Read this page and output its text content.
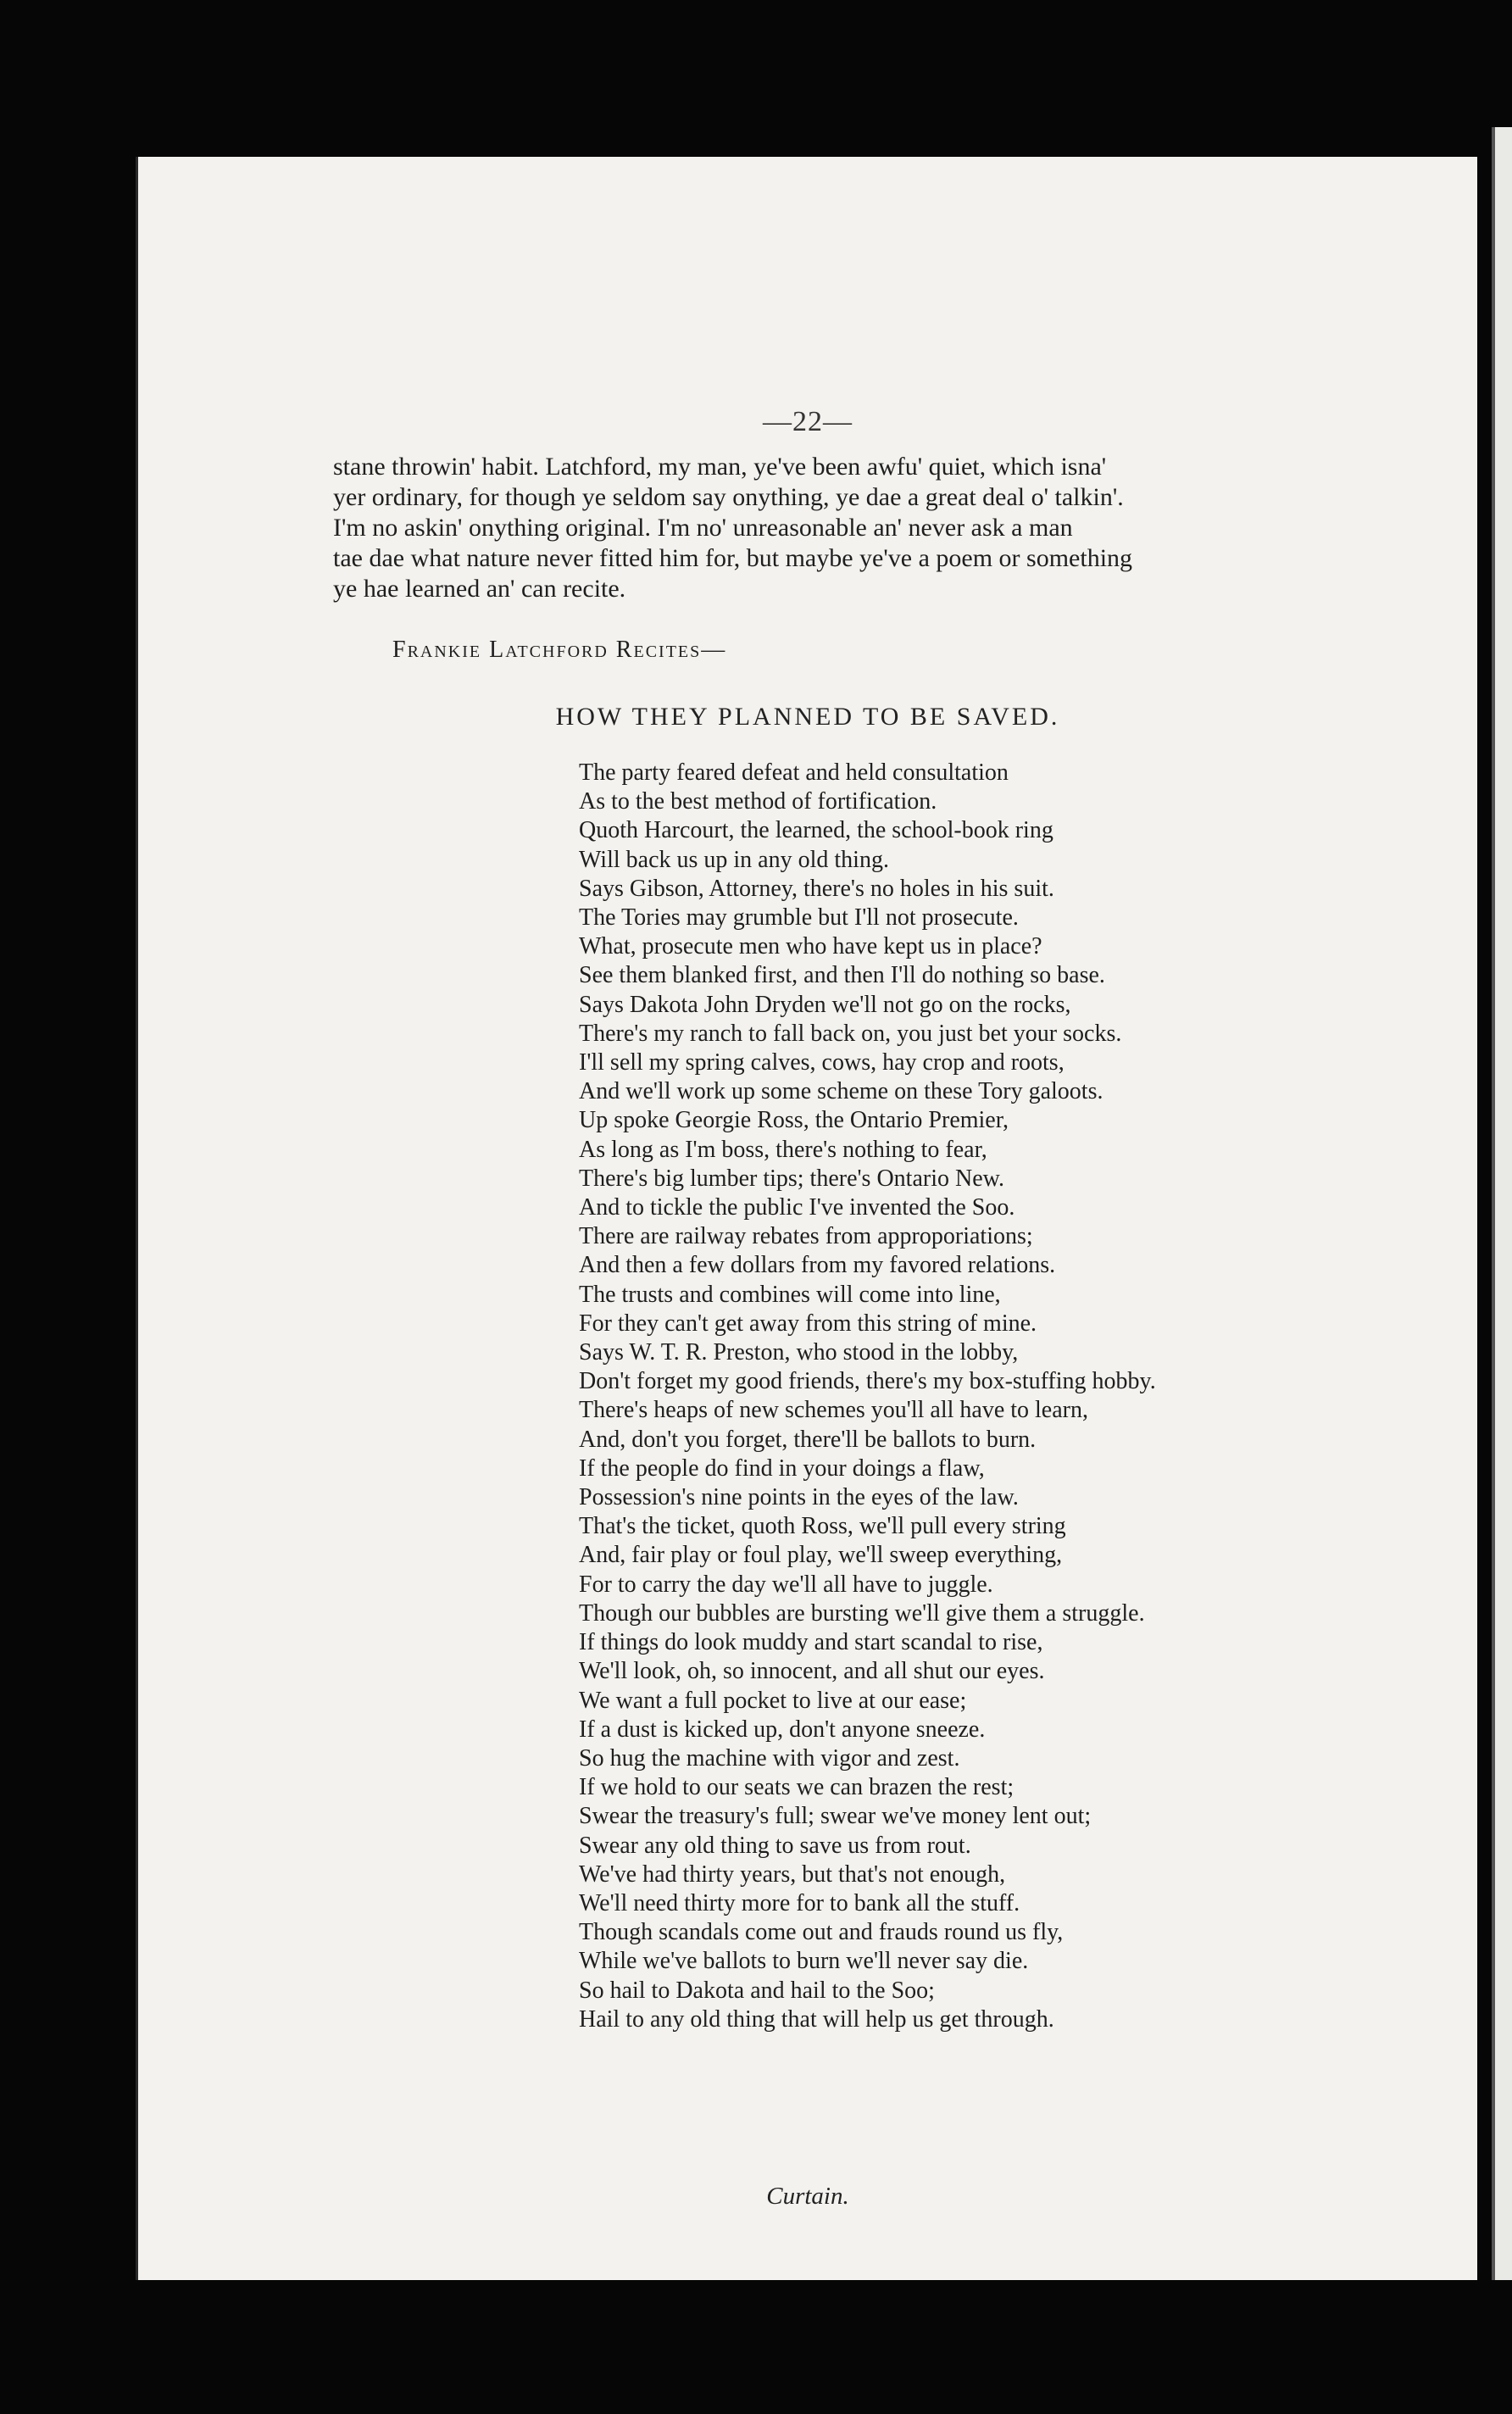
—22—
stane throwin' habit. Latchford, my man, ye've been awfu' quiet, which isna'
yer ordinary, for though ye seldom say onything, ye dae a great deal o' talkin'.
I'm no askin' onything original. I'm no' unreasonable an' never ask a man
tae dae what nature never fitted him for, but maybe ye've a poem or something
ye hae learned an' can recite.
Frankie Latchford Recites—
HOW THEY PLANNED TO BE SAVED.
The party feared defeat and held consultation
As to the best method of fortification.
Quoth Harcourt, the learned, the school-book ring
Will back us up in any old thing.
Says Gibson, Attorney, there's no holes in his suit.
The Tories may grumble but I'll not prosecute.
What, prosecute men who have kept us in place?
See them blanked first, and then I'll do nothing so base.
Says Dakota John Dryden we'll not go on the rocks,
There's my ranch to fall back on, you just bet your socks.
I'll sell my spring calves, cows, hay crop and roots,
And we'll work up some scheme on these Tory galoots.
Up spoke Georgie Ross, the Ontario Premier,
As long as I'm boss, there's nothing to fear,
There's big lumber tips; there's Ontario New.
And to tickle the public I've invented the Soo.
There are railway rebates from approporiations;
And then a few dollars from my favored relations.
The trusts and combines will come into line,
For they can't get away from this string of mine.
Says W. T. R. Preston, who stood in the lobby,
Don't forget my good friends, there's my box-stuffing hobby.
There's heaps of new schemes you'll all have to learn,
And, don't you forget, there'll be ballots to burn.
If the people do find in your doings a flaw,
Possession's nine points in the eyes of the law.
That's the ticket, quoth Ross, we'll pull every string
And, fair play or foul play, we'll sweep everything,
For to carry the day we'll all have to juggle.
Though our bubbles are bursting we'll give them a struggle.
If things do look muddy and start scandal to rise,
We'll look, oh, so innocent, and all shut our eyes.
We want a full pocket to live at our ease;
If a dust is kicked up, don't anyone sneeze.
So hug the machine with vigor and zest.
If we hold to our seats we can brazen the rest;
Swear the treasury's full; swear we've money lent out;
Swear any old thing to save us from rout.
We've had thirty years, but that's not enough,
We'll need thirty more for to bank all the stuff.
Though scandals come out and frauds round us fly,
While we've ballots to burn we'll never say die.
So hail to Dakota and hail to the Soo;
Hail to any old thing that will help us get through.
Curtain.
